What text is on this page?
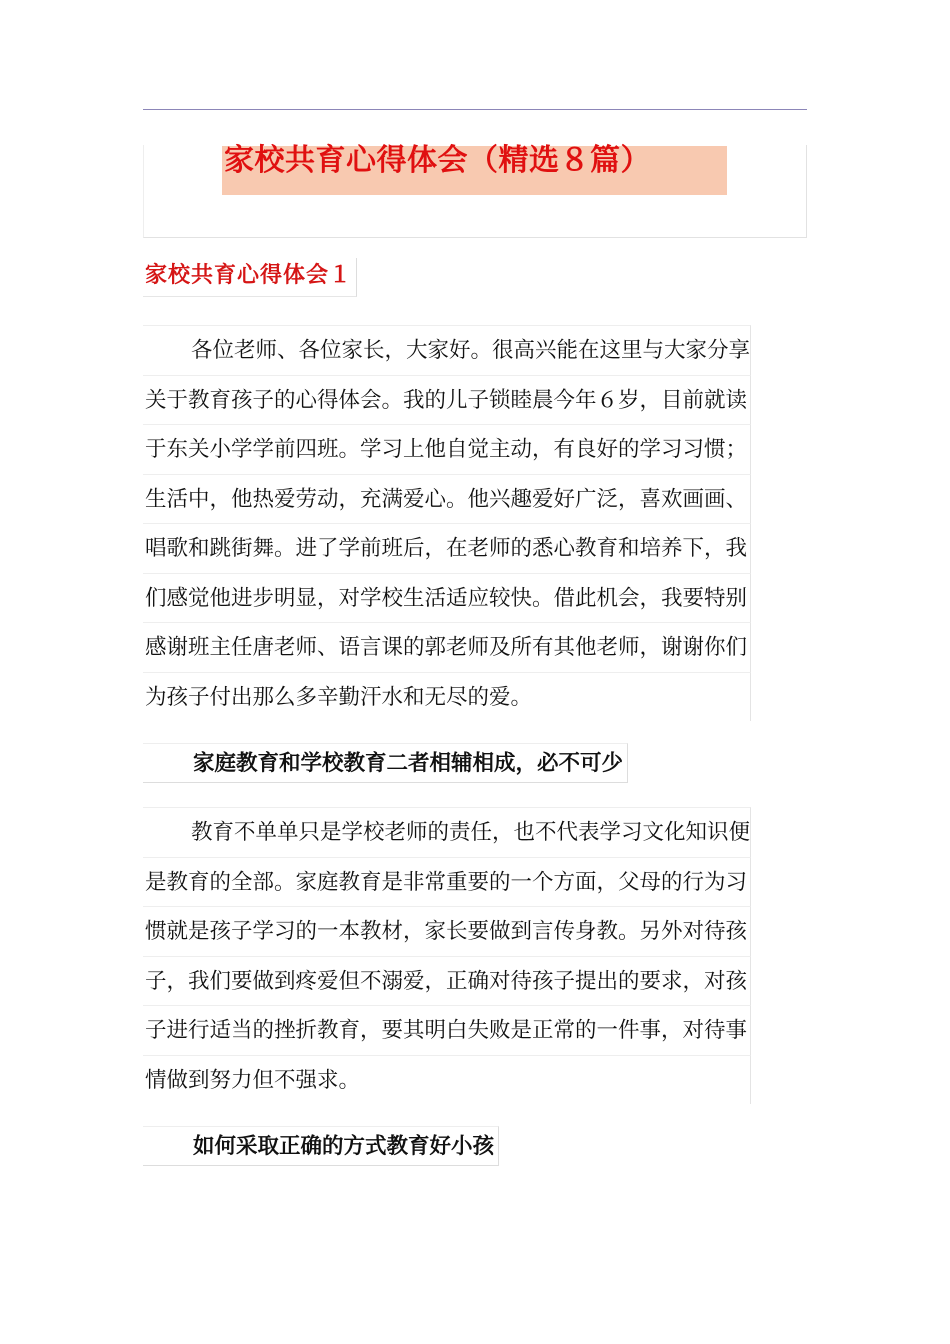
家校共育心得体会（精选８篇）
家校共育心得体会１
各位老师、各位家长，大家好。很高兴能在这里与大家分享
关于教育孩子的心得体会。我的儿子锁睦晨今年６岁，目前就读
于东关小学学前四班。学习上他自觉主动，有良好的学习习惯；
生活中，他热爱劳动，充满爱心。他兴趣爱好广泛，喜欢画画、
唱歌和跳街舞。进了学前班后，在老师的悉心教育和培养下，我
们感觉他进步明显，对学校生活适应较快。借此机会，我要特别
感谢班主任唐老师、语言课的郭老师及所有其他老师，谢谢你们
为孩子付出那么多辛勤汗水和无尽的爱。
家庭教育和学校教育二者相辅相成，必不可少
教育不单单只是学校老师的责任，也不代表学习文化知识便
是教育的全部。家庭教育是非常重要的一个方面，父母的行为习
惯就是孩子学习的一本教材，家长要做到言传身教。另外对待孩
子，我们要做到疼爱但不溺爱，正确对待孩子提出的要求，对孩
子进行适当的挫折教育，要其明白失败是正常的一件事，对待事
情做到努力但不强求。
如何采取正确的方式教育好小孩
